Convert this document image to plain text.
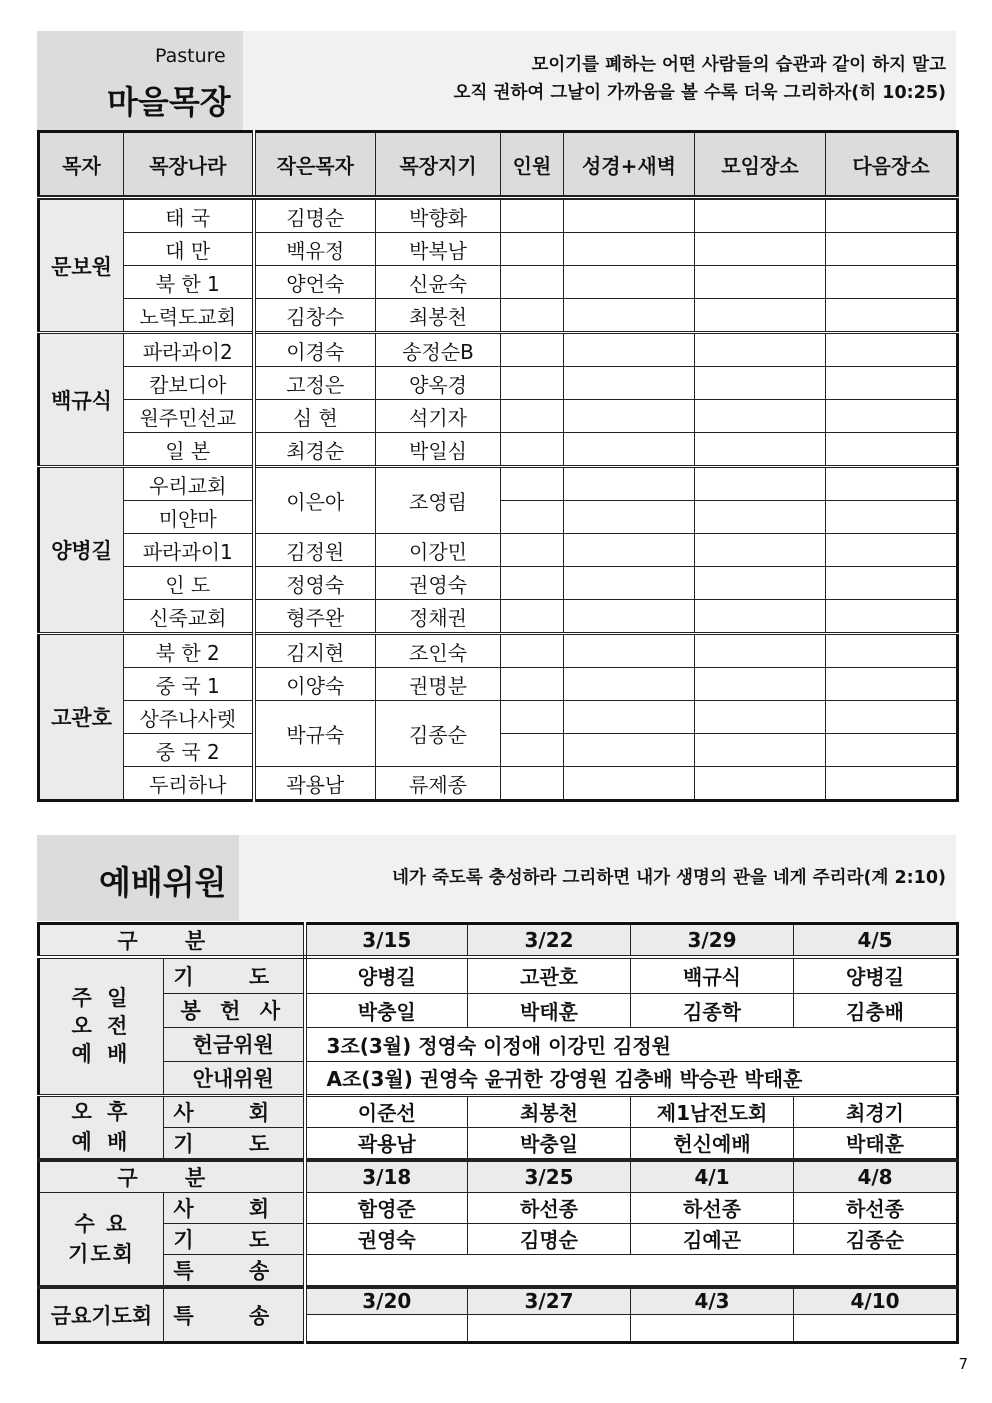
Pasture
마을목장
모이기를 폐하는 어떤 사람들의 습관과 같이 하지 말고
오직 권하여 그날이 가까움을 볼 수록 더욱 그리하자(히 10:25)
목자	목장나라	작은목자	목장지기	인원	성경+새벽	모임장소	다음장소
문보원	태 국	김명순	박향화				
	대 만	백유정	박복남				
	북 한 1	양언숙	신윤숙				
	노력도교회	김창수	최봉천				
백규식	파라과이2	이경숙	송정순B				
	캄보디아	고정은	양옥경				
	원주민선교	심 현	석기자				
	일 본	최경순	박일심				
양병길	우리교회	이은아	조영림				
	미얀마						
	파라과이1	김정원	이강민				
	인 도	정영숙	권영숙				
	신죽교회	형주완	정채권				
고관호	북 한 2	김지현	조인숙				
	중 국 1	이양숙	권명분				
	상주나사렛	박규숙	김종순				
	중 국 2						
	두리하나	곽용남	류제종				
예배위원	네가 죽도록 충성하라 그리하면 내가 생명의 관을 네게 주리라(계 2:10)
구 분		3/15	3/22	3/29	4/5
주 일
오 전
예 배	기 도	양병길	고관호	백규식	양병길
	봉 헌 사	박충일	박태훈	김종학	김충배
	헌금위원	3조(3월) 정영숙 이정애 이강민 김정원			
	안내위원	A조(3월) 권영숙 윤귀한 강영원 김충배 박승관 박태훈			
오 후
예 배	사 회	이준선	최봉천	제1남전도회	최경기
	기 도	곽용남	박충일	헌신예배	박태훈
구 분		3/18	3/25	4/1	4/8
수 요
기도회	사 회	함영준	하선종	하선종	하선종
	기 도	권영숙	김명순	김예곤	김종순
	특 송				
금요기도회	특 송	3/20	3/27	4/3	4/10

7
